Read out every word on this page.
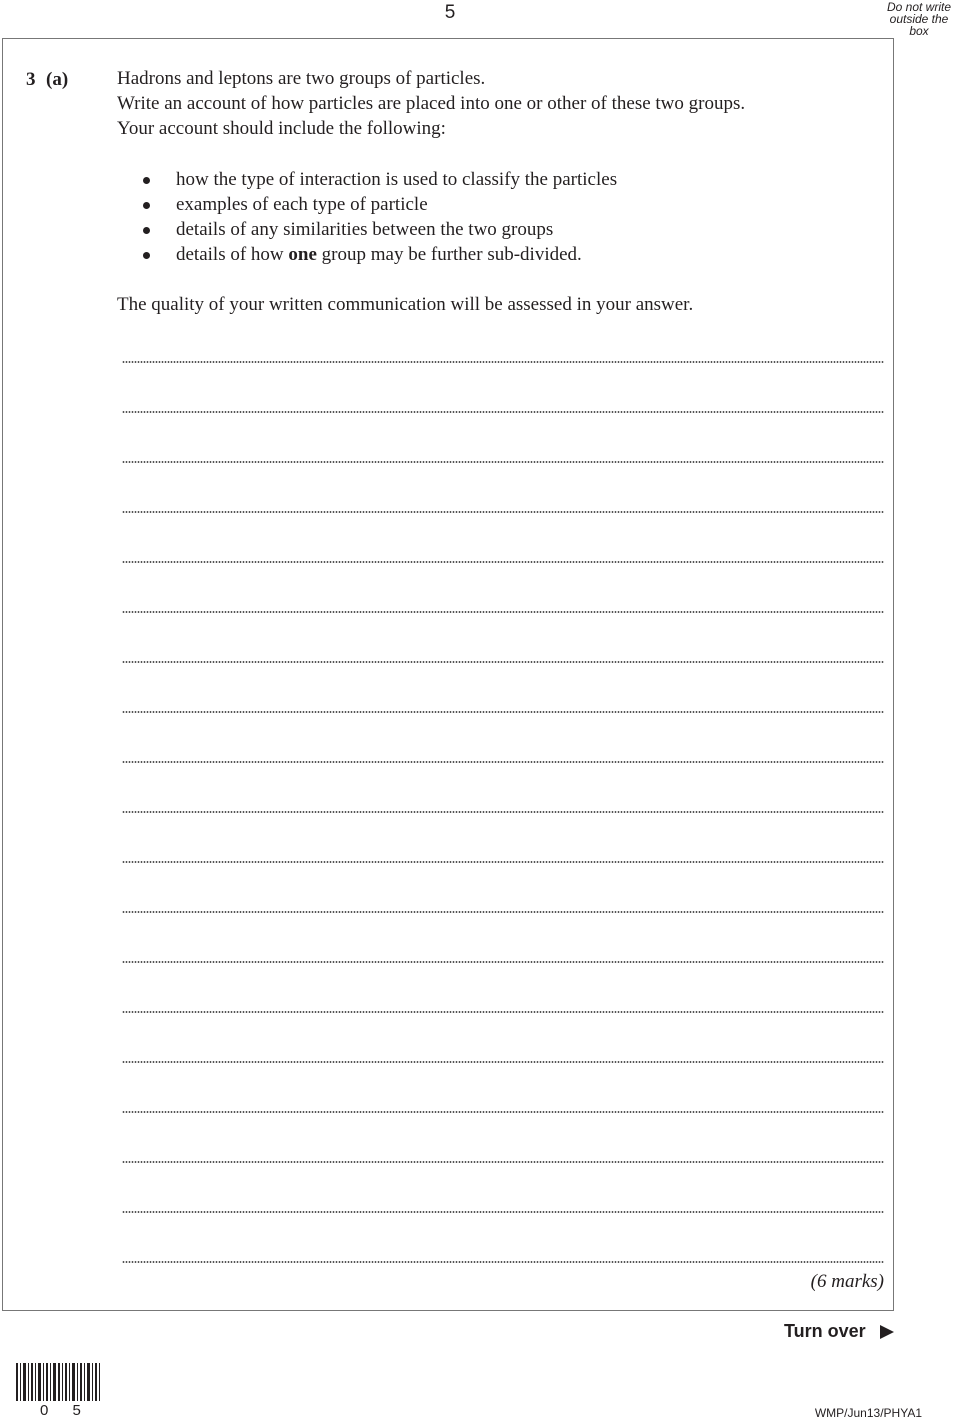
5	Do not write
outside the
box
3 (a)	Hadrons and leptons are two groups of particles.
Write an account of how particles are placed into one or other of these two groups.
Your account should include the following:
how the type of interaction is used to classify the particles
examples of each type of particle
details of any similarities between the two groups
details of how one group may be further sub-divided.
The quality of your written communication will be assessed in your answer.
(6 marks)
Turn over
0 5	WMP/Jun13/PHYA1
